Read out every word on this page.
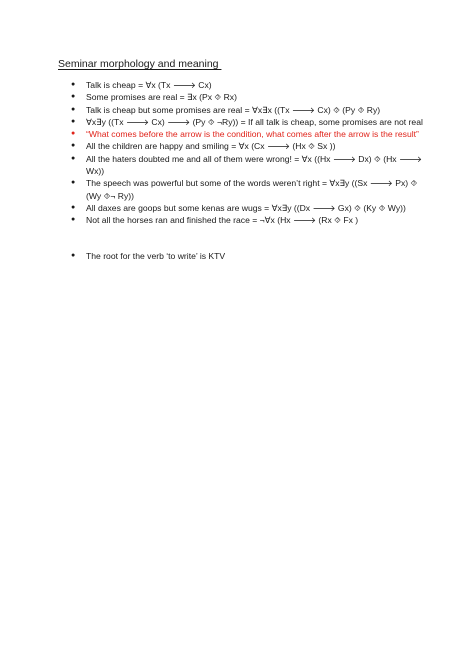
Seminar morphology and meaning
● Talk is cheap = ∀x (Tx 🡒 Cx)
● Some promises are real = ∃x (Px ⯑ Rx)
● Talk is cheap but some promises are real = ∀x∃x ((Tx 🡒 Cx) ⯑ (Py ⯑ Ry)
● ∀x∃y ((Tx 🡒 Cx) 🡒 (Py ⯑ ¬Ry)) = If all talk is cheap, some promises are not real
● “What comes before the arrow is the condition, what comes after the arrow is the result”
● All the children are happy and smiling = ∀x (Cx 🡒 (Hx ⯑ Sx ))
● All the haters doubted me and all of them were wrong! = ∀x ((Hx 🡒 Dx) ⯑ (Hx 🡒 Wx))
● The speech was powerful but some of the words weren’t right = ∀x∃y ((Sx 🡒 Px) ⯑ (Wy ⯑¬ Ry))
● All daxes are goops but some kenas are wugs = ∀x∃y ((Dx 🡒 Gx) ⯑ (Ky ⯑ Wy))
● Not all the horses ran and finished the race = ¬∀x (Hx 🡒 (Rx ⯑ Fx )
● The root for the verb ‘to write’ is KTV
